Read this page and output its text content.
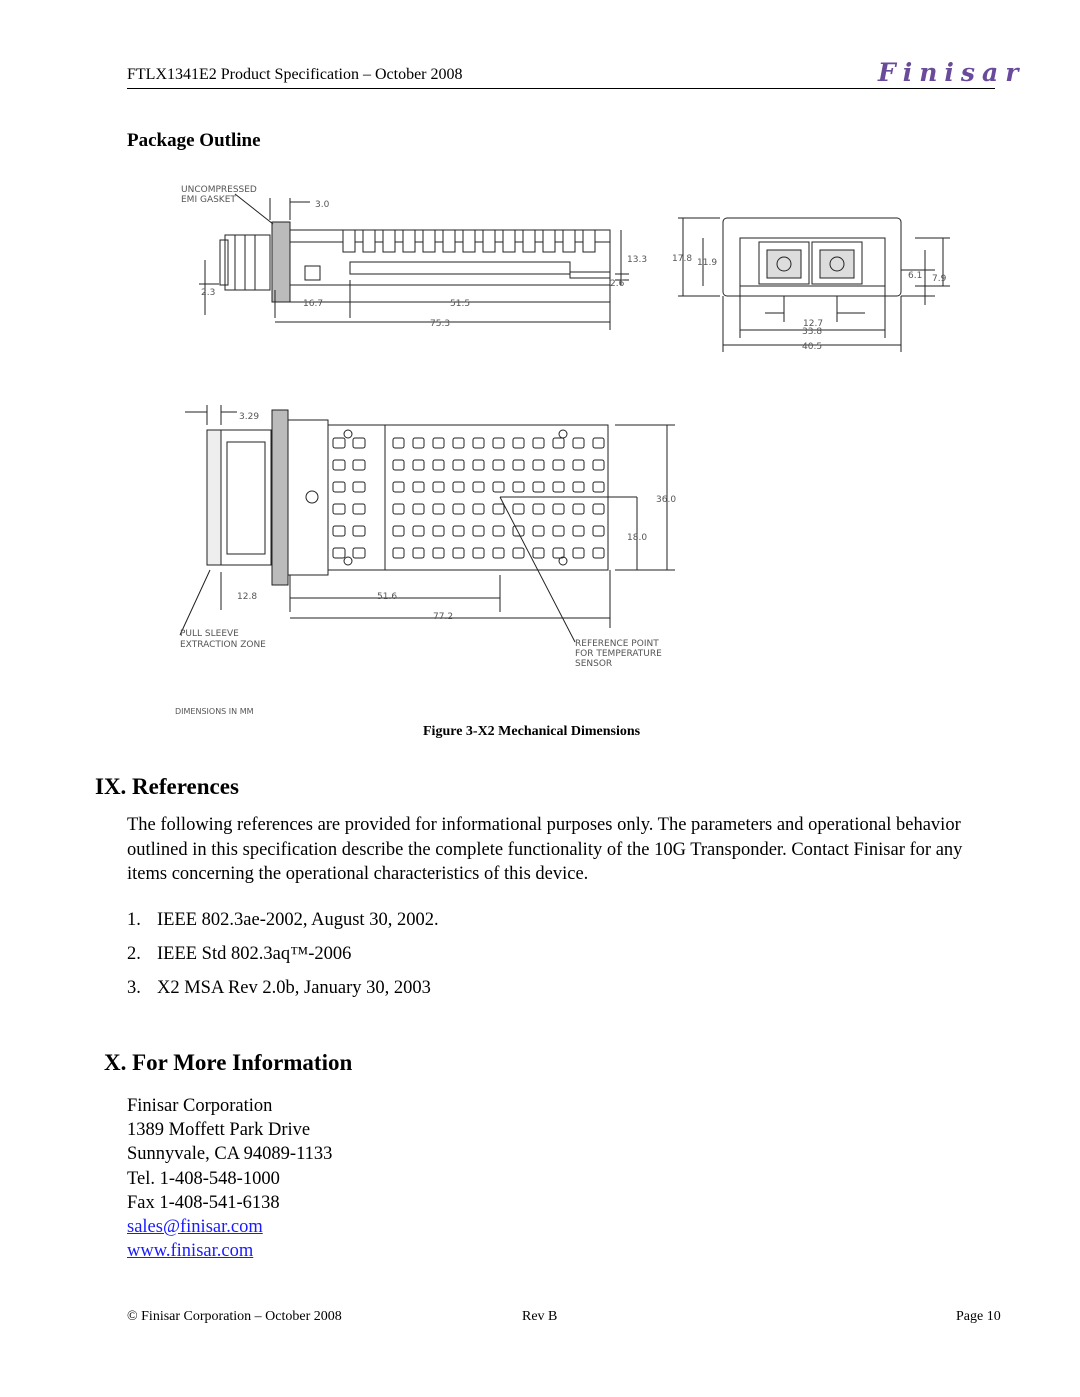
FTLX1341E2 Product Specification – October 2008	Finisar
Package Outline
UNCOMPRESSED
EMI GASKET	3.0
2.3
16.7	51.5
75.3
13.3
2.6
17.8 11.9
6.1 7.9
12.7
33.8
40.5
3.29
36.0
18.0
12.8	51.6
77.2
PULL SLEEVE
EXTRACTION ZONE	REFERENCE POINT
FOR TEMPERATURE
SENSOR
DIMENSIONS IN MM
Figure 3-X2 Mechanical Dimensions
IX. References
The following references are provided for informational purposes only. The parameters and operational behavior outlined in this specification describe the complete functionality of the 10G Transponder. Contact Finisar for any items concerning the operational characteristics of this device.
1. IEEE 802.3ae-2002, August 30, 2002.
2. IEEE Std 802.3aq™-2006
3. X2 MSA Rev 2.0b, January 30, 2003
X. For More Information
Finisar Corporation
1389 Moffett Park Drive
Sunnyvale, CA 94089-1133
Tel. 1-408-548-1000
Fax 1-408-541-6138
sales@finisar.com
www.finisar.com
© Finisar Corporation – October 2008	Rev B	Page 10
